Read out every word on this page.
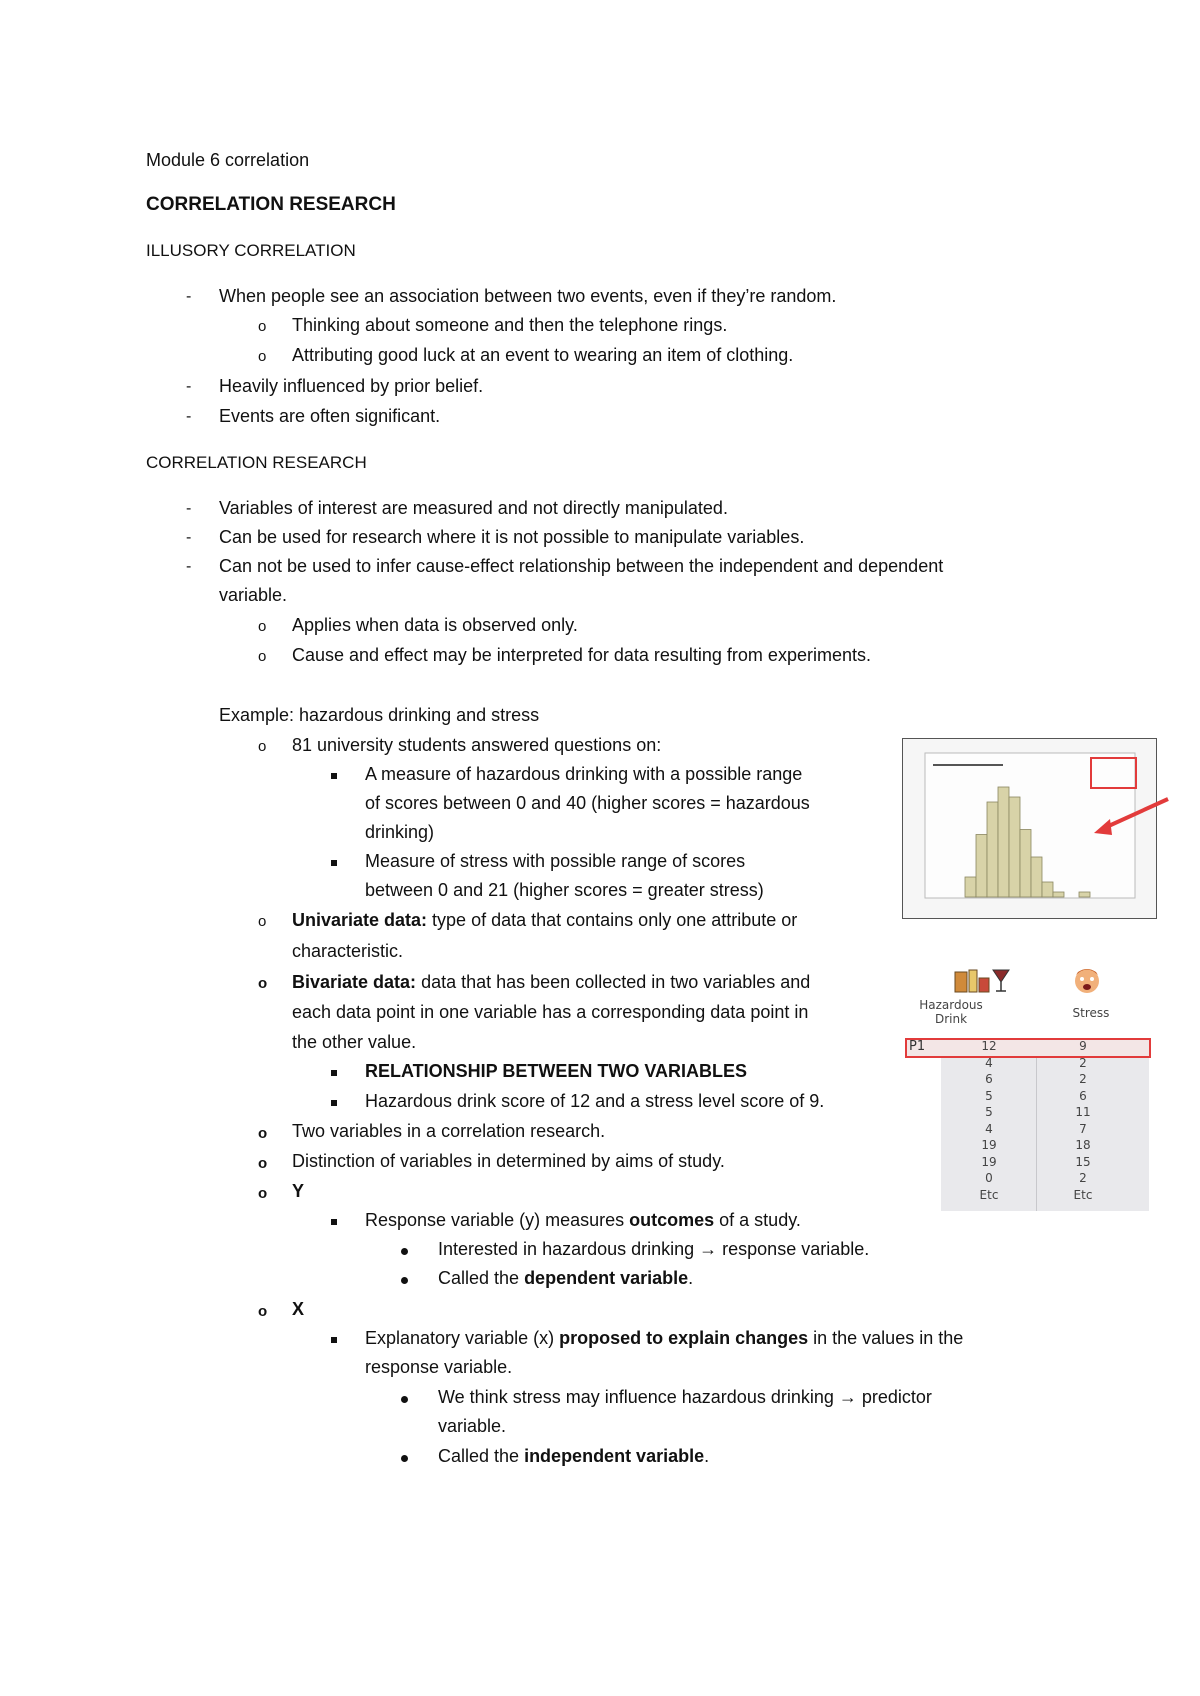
Module 6 correlation
CORRELATION RESEARCH
ILLUSORY CORRELATION
- When people see an association between two events, even if they’re random.
o Thinking about someone and then the telephone rings.
o Attributing good luck at an event to wearing an item of clothing.
- Heavily influenced by prior belief.
- Events are often significant.
CORRELATION RESEARCH
- Variables of interest are measured and not directly manipulated.
- Can be used for research where it is not possible to manipulate variables.
- Can not be used to infer cause-effect relationship between the independent and dependent
variable.
o Applies when data is observed only.
o Cause and effect may be interpreted for data resulting from experiments.
Example: hazardous drinking and stress
o 81 university students answered questions on:
A measure of hazardous drinking with a possible range
of scores between 0 and 40 (higher scores = hazardous
drinking)
Measure of stress with possible range of scores
between 0 and 21 (higher scores = greater stress)
o Univariate data: type of data that contains only one attribute or
characteristic.
o Bivariate data: data that has been collected in two variables and
each data point in one variable has a corresponding data point in
the other value.
RELATIONSHIP BETWEEN TWO VARIABLES
Hazardous drink score of 12 and a stress level score of 9.
o Two variables in a correlation research.
o Distinction of variables in determined by aims of study.
o Y
Response variable (y) measures outcomes of a study.
Interested in hazardous drinking → response variable.
Called the dependent variable.
o X
Explanatory variable (x) proposed to explain changes in the values in the
response variable.
We think stress may influence hazardous drinking → predictor
variable.
Called the independent variable.
Hazardous Drink	Stress
P1	12	9
4	2
6	2
5	6
5	11
4	7
19	18
19	15
0	2
Etc	Etc
